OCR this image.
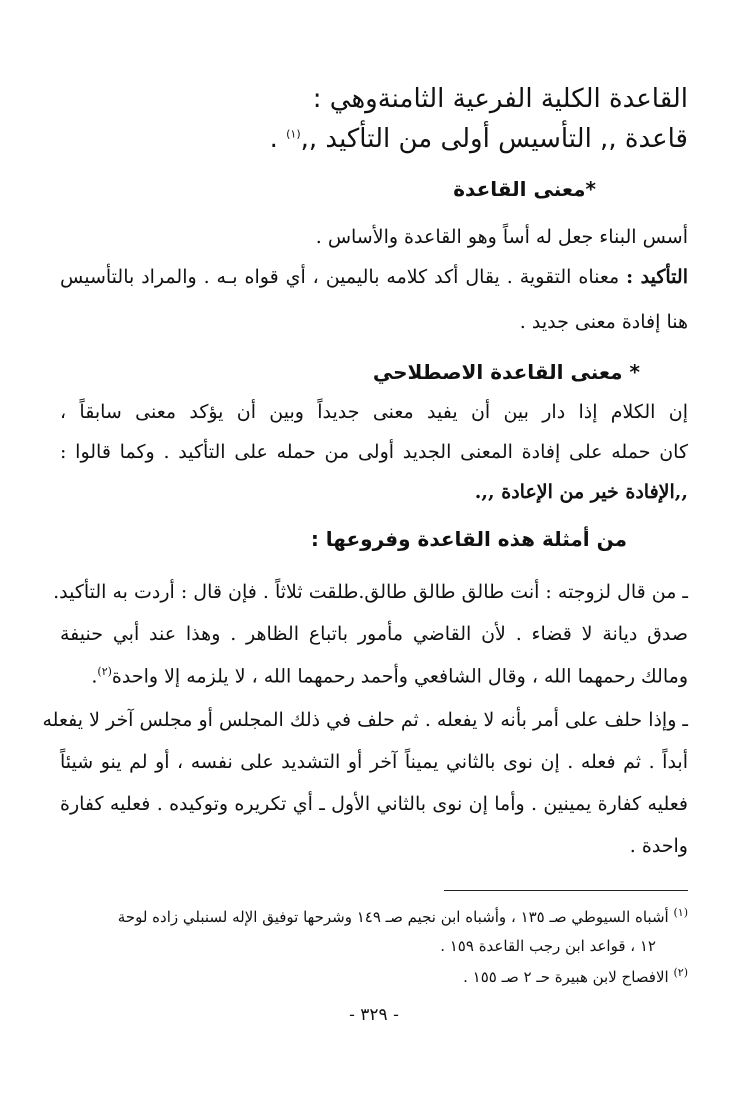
القاعدة الكلية الفرعية الثامنةوهي :
قاعدة ,, التأسيس أولى من التأكيد ,,$^{(١)}$ .
*معنى القاعدة
أسس البناء جعل له أساً وهو القاعدة والأساس .
التأكيد : معناه التقوية . يقال أكد كلامه باليمين ، أي قواه بـه . والمراد بالتأسيس
هنا إفادة معنى جديد .
* معنى القاعدة الاصطلاحي
إن الكلام إذا دار بين أن يفيد معنى جديداً وبين أن يؤكد معنى سابقاً ،
كان حمله على إفادة المعنى الجديد أولى من حمله على التأكيد . وكما قالوا :
,,الإفادة خير من الإعادة ,,.
من أمثلة هذه القاعدة وفروعها :
ـ من قال لزوجته : أنت طالق طالق طالق.طلقت ثلاثاً . فإن قال : أردت به التأكيد.
صدق ديانة لا قضاء . لأن القاضي مأمور باتباع الظاهر . وهذا عند أبي حنيفة
ومالك رحمهما الله ، وقال الشافعي وأحمد رحمهما الله ، لا يلزمه إلا واحدة$^{(٢)}$.
ـ وإذا حلف على أمر بأنه لا يفعله . ثم حلف في ذلك المجلس أو مجلس آخر لا يفعله
أبداً . ثم فعله . إن نوى بالثاني يميناً آخر أو التشديد على نفسه ، أو لم ينو شيئاً
فعليه كفارة يمينين . وأما إن نوى بالثاني الأول ـ أي تكريره وتوكيده . فعليه كفارة
واحدة .
$^{(١)}$ أشباه السيوطي صـ ١٣٥ ، وأشباه ابن نجيم صـ ١٤٩ وشرحها توفيق الإله لسنبلي زاده لوحة
١٢ ، قواعد ابن رجب القاعدة ١٥٩ .
$^{(٢)}$ الافصاح لابن هبيرة حـ ٢ صـ ١٥٥ .
- ٣٢٩ -
